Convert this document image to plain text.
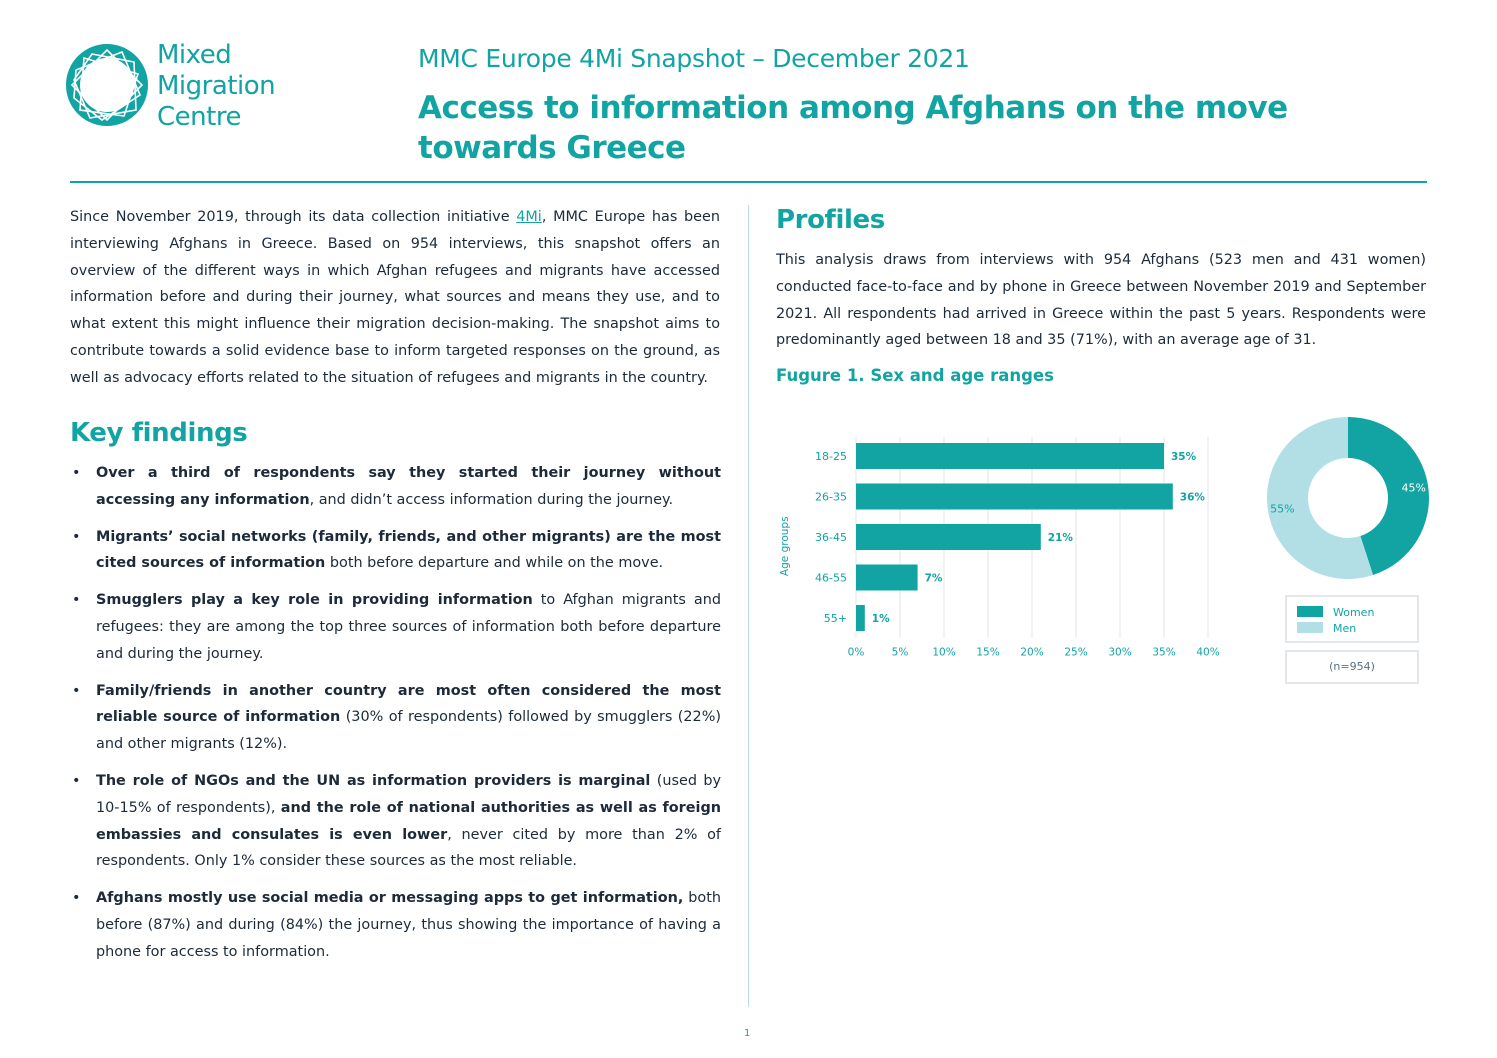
Mixed
Migration
Centre
MMC Europe 4Mi Snapshot – December 2021
Access to information among Afghans on the move towards Greece

Since November 2019, through its data collection initiative 4Mi, MMC Europe has been interviewing Afghans in Greece. Based on 954 interviews, this snapshot offers an overview of the different ways in which Afghan refugees and migrants have accessed information before and during their journey, what sources and means they use, and to what extent this might influence their migration decision-making. The snapshot aims to contribute towards a solid evidence base to inform targeted responses on the ground, as well as advocacy efforts related to the situation of refugees and migrants in the country.

Key findings
• Over a third of respondents say they started their journey without accessing any information, and didn’t access information during the journey.
• Migrants’ social networks (family, friends, and other migrants) are the most cited sources of information both before departure and while on the move.
• Smugglers play a key role in providing information to Afghan migrants and refugees: they are among the top three sources of information both before departure and during the journey.
• Family/friends in another country are most often considered the most reliable source of information (30% of respondents) followed by smugglers (22%) and other migrants (12%).
• The role of NGOs and the UN as information providers is marginal (used by 10-15% of respondents), and the role of national authorities as well as foreign embassies and consulates is even lower, never cited by more than 2% of respondents. Only 1% consider these sources as the most reliable.
• Afghans mostly use social media or messaging apps to get information, both before (87%) and during (84%) the journey, thus showing the importance of having a phone for access to information.
Profiles

This analysis draws from interviews with 954 Afghans (523 men and 431 women) conducted face-to-face and by phone in Greece between November 2019 and September 2021. All respondents had arrived in Greece within the past 5 years. Respondents were predominantly aged between 18 and 35 (71%), with an average age of 31.

Fugure 1. Sex and age ranges
0%	5% 10% 15% 20% 25% 30% 35% 40%
18-25	35%
26-35	36%
36-45	21%
46-55	7%
55+ 1%
Age groups
45%
55%
Women
Men
(n=954)
1
